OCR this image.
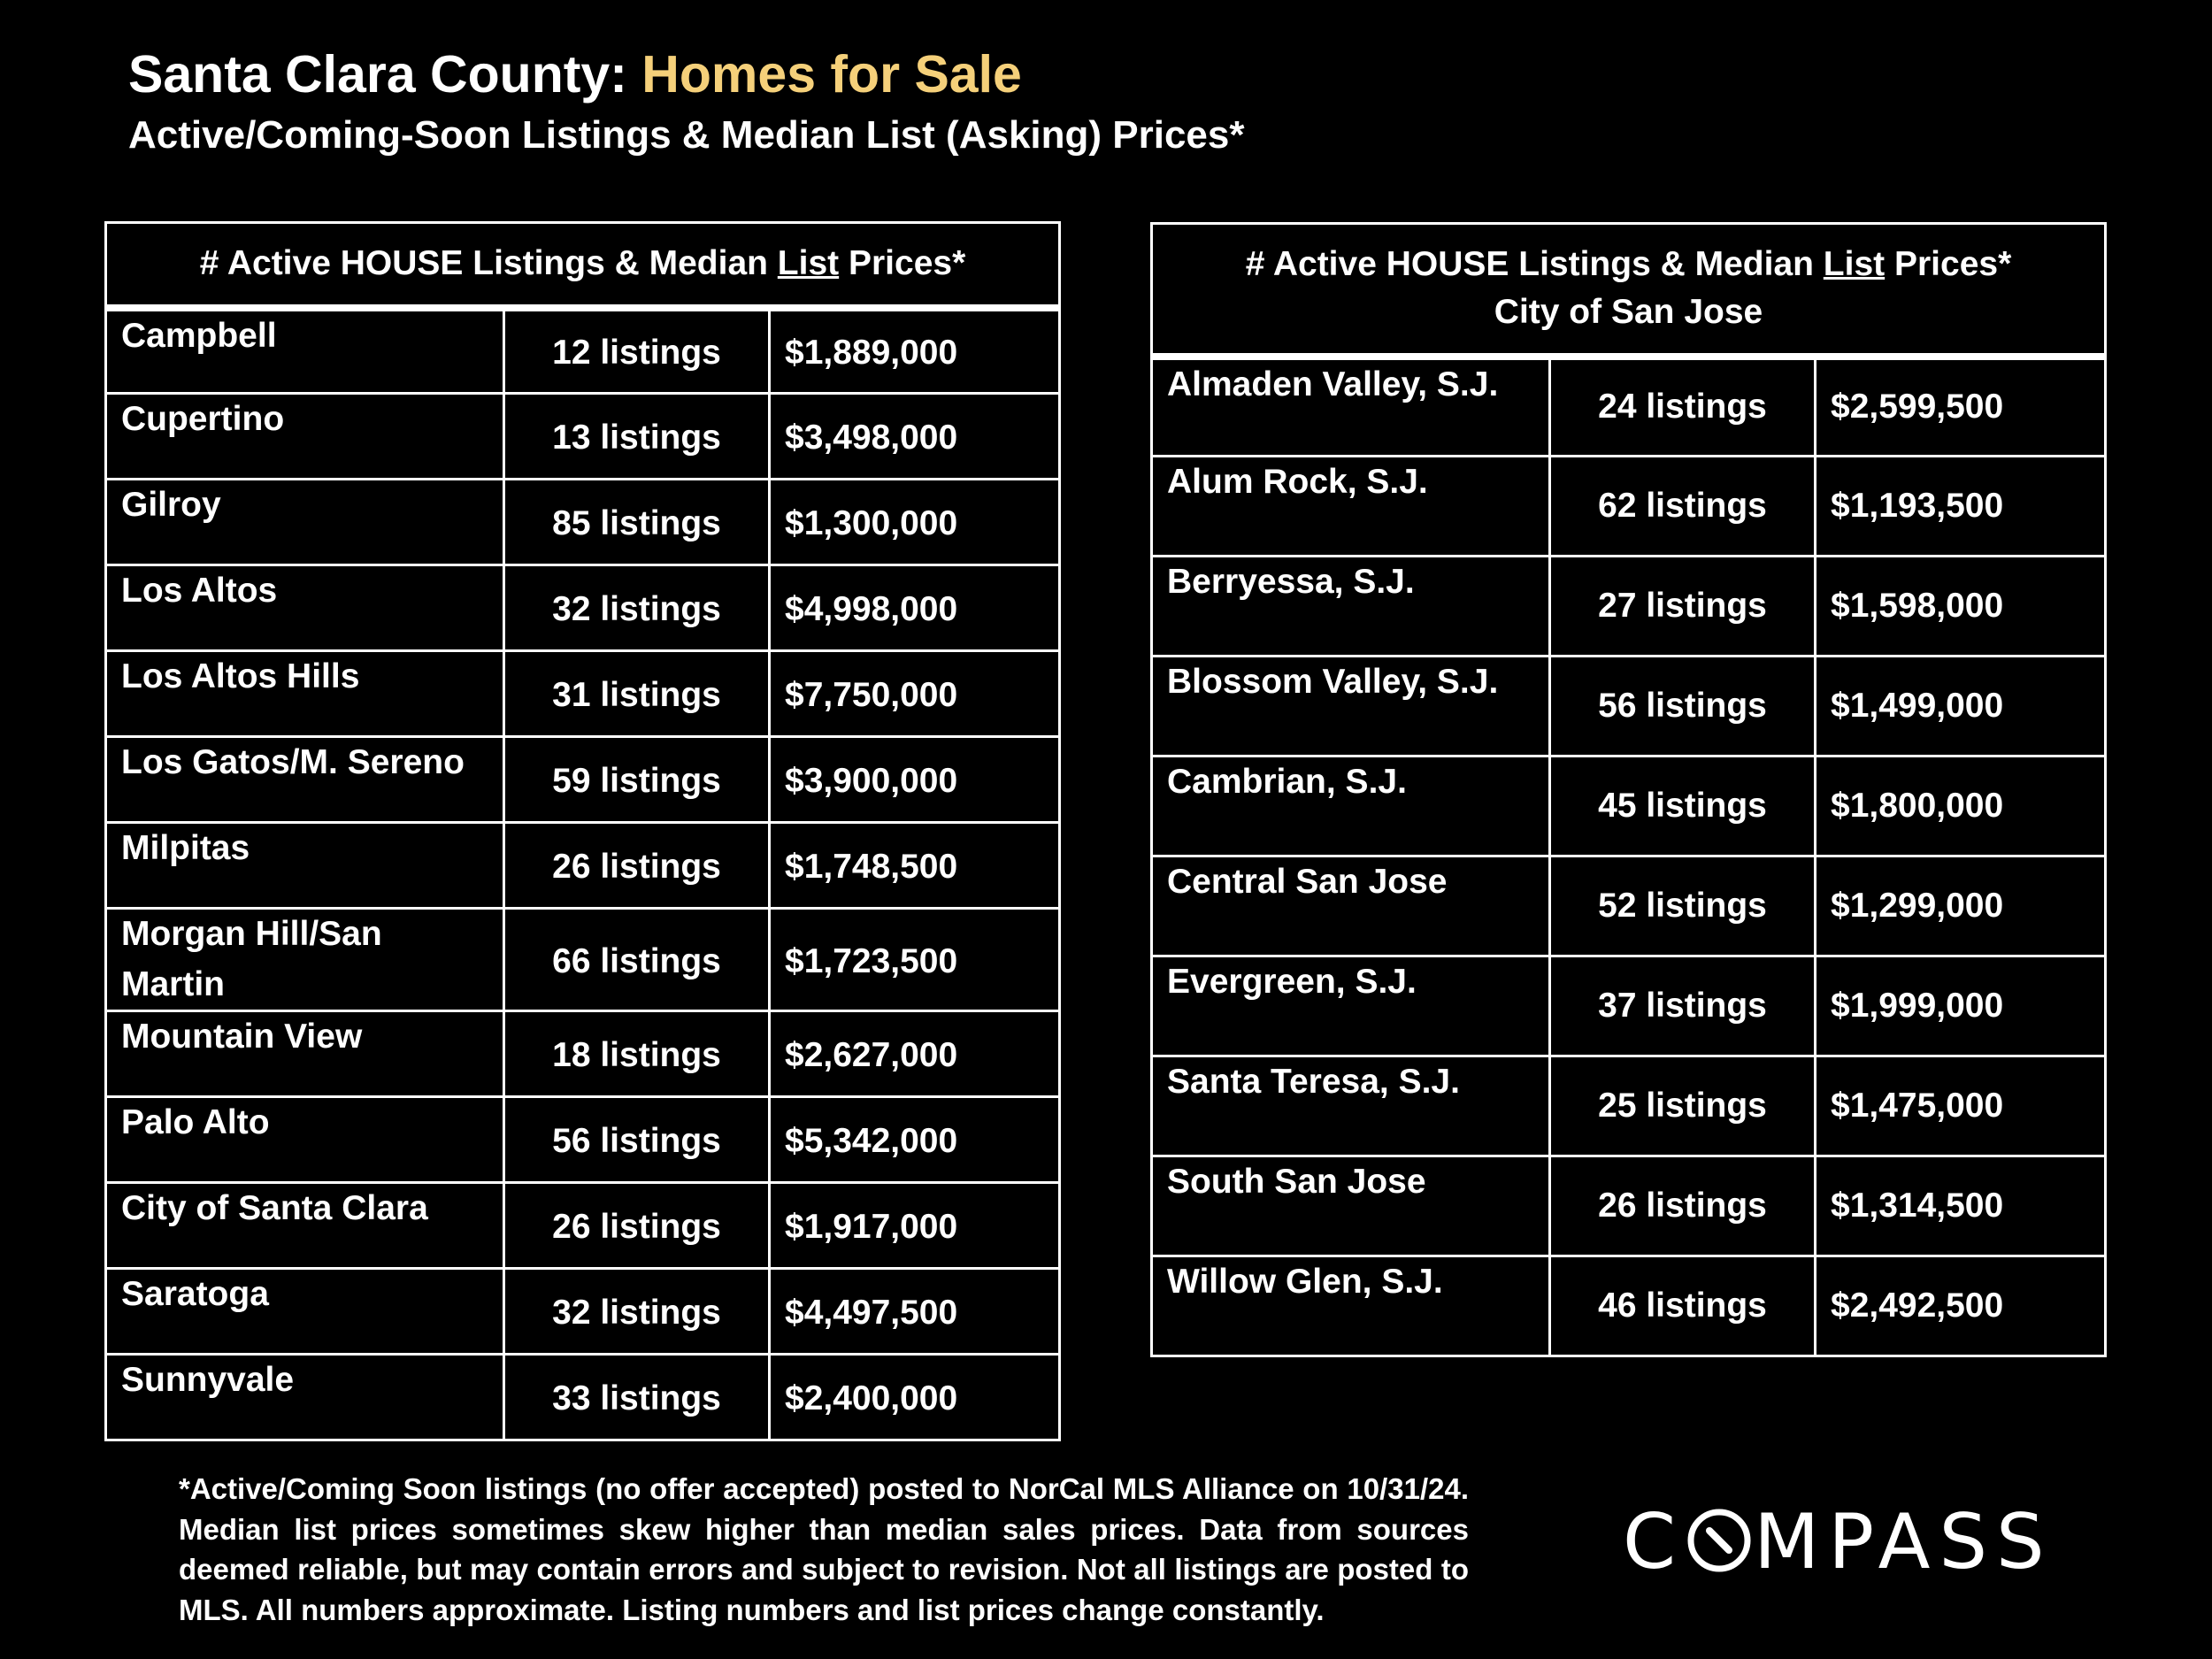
Santa Clara County: Homes for Sale
Active/Coming-Soon Listings & Median List (Asking) Prices*
# Active HOUSE Listings & Median List Prices*		
Campbell	12 listings	$1,889,000
Cupertino	13 listings	$3,498,000
Gilroy	85 listings	$1,300,000
Los Altos	32 listings	$4,998,000
Los Altos Hills	31 listings	$7,750,000
Los Gatos/M. Sereno	59 listings	$3,900,000
Milpitas	26 listings	$1,748,500
Morgan Hill/San Martin	66 listings	$1,723,500
Mountain View	18 listings	$2,627,000
Palo Alto	56 listings	$5,342,000
City of Santa Clara	26 listings	$1,917,000
Saratoga	32 listings	$4,497,500
Sunnyvale	33 listings	$2,400,000
# Active HOUSE Listings & Median List Prices*
City of San Jose		
Almaden Valley, S.J.	24 listings	$2,599,500
Alum Rock, S.J.	62 listings	$1,193,500
Berryessa, S.J.	27 listings	$1,598,000
Blossom Valley, S.J.	56 listings	$1,499,000
Cambrian, S.J.	45 listings	$1,800,000
Central San Jose	52 listings	$1,299,000
Evergreen, S.J.	37 listings	$1,999,000
Santa Teresa, S.J.	25 listings	$1,475,000
South San Jose	26 listings	$1,314,500
Willow Glen, S.J.	46 listings	$2,492,500
*Active/Coming Soon listings (no offer accepted) posted to NorCal MLS Alliance on 10/31/24. Median list prices sometimes skew higher than median sales prices. Data from sources deemed reliable, but may contain errors and subject to revision. Not all listings are posted to MLS. All numbers approximate. Listing numbers and list prices change constantly.
C MPASS
